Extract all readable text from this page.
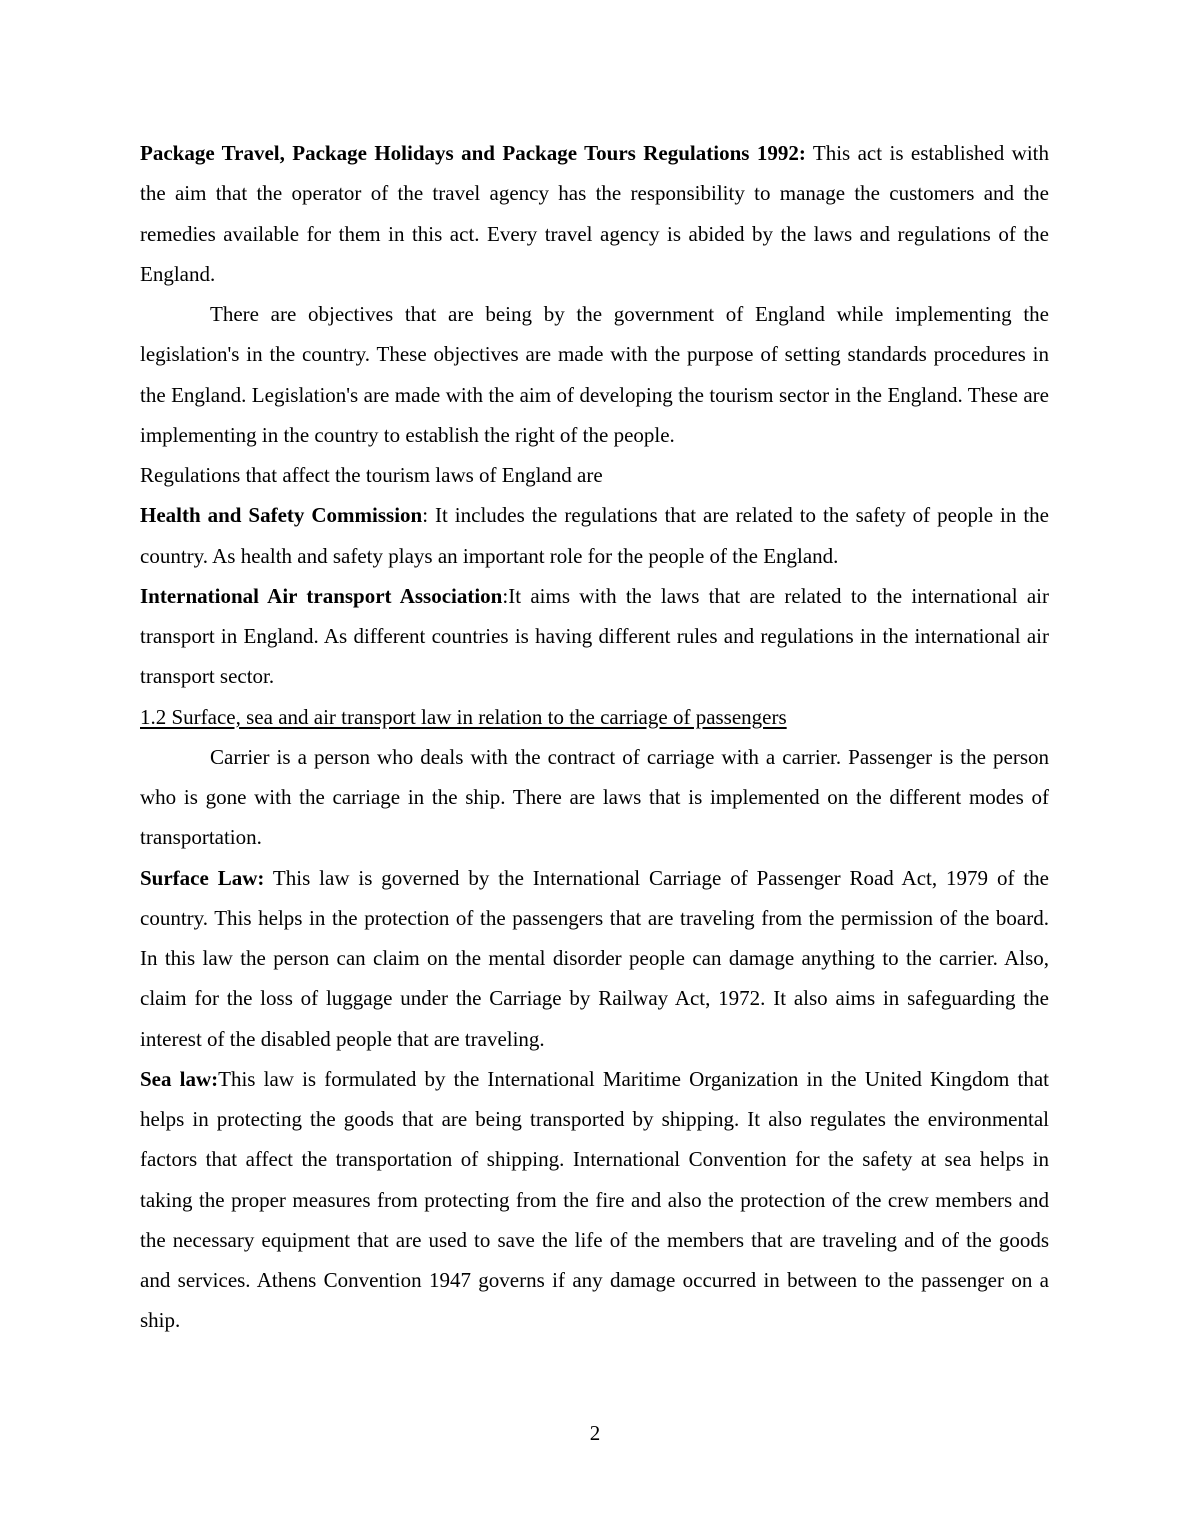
Package Travel, Package Holidays and Package Tours Regulations 1992: This act is established with the aim that the operator of the travel agency has the responsibility to manage the customers and the remedies available for them in this act. Every travel agency is abided by the laws and regulations of the England.

There are objectives that are being by the government of England while implementing the legislation's in the country. These objectives are made with the purpose of setting standards procedures in the England. Legislation's are made with the aim of developing the tourism sector in the England. These are implementing in the country to establish the right of the people.

Regulations that affect the tourism laws of England are

Health and Safety Commission: It includes the regulations that are related to the safety of people in the country. As health and safety plays an important role for the people of the England.

International Air transport Association:It aims with the laws that are related to the international air transport in England. As different countries is having different rules and regulations in the international air transport sector.

1.2 Surface, sea and air transport law in relation to the carriage of passengers

Carrier is a person who deals with the contract of carriage with a carrier. Passenger is the person who is gone with the carriage in the ship. There are laws that is implemented on the different modes of transportation.

Surface Law: This law is governed by the International Carriage of Passenger Road Act, 1979 of the country. This helps in the protection of the passengers that are traveling from the permission of the board. In this law the person can claim on the mental disorder people can damage anything to the carrier. Also, claim for the loss of luggage under the Carriage by Railway Act, 1972. It also aims in safeguarding the interest of the disabled people that are traveling.

Sea law:This law is formulated by the International Maritime Organization in the United Kingdom that helps in protecting the goods that are being transported by shipping. It also regulates the environmental factors that affect the transportation of shipping. International Convention for the safety at sea helps in taking the proper measures from protecting from the fire and also the protection of the crew members and the necessary equipment that are used to save the life of the members that are traveling and of the goods and services. Athens Convention 1947 governs if any damage occurred in between to the passenger on a ship.

2
